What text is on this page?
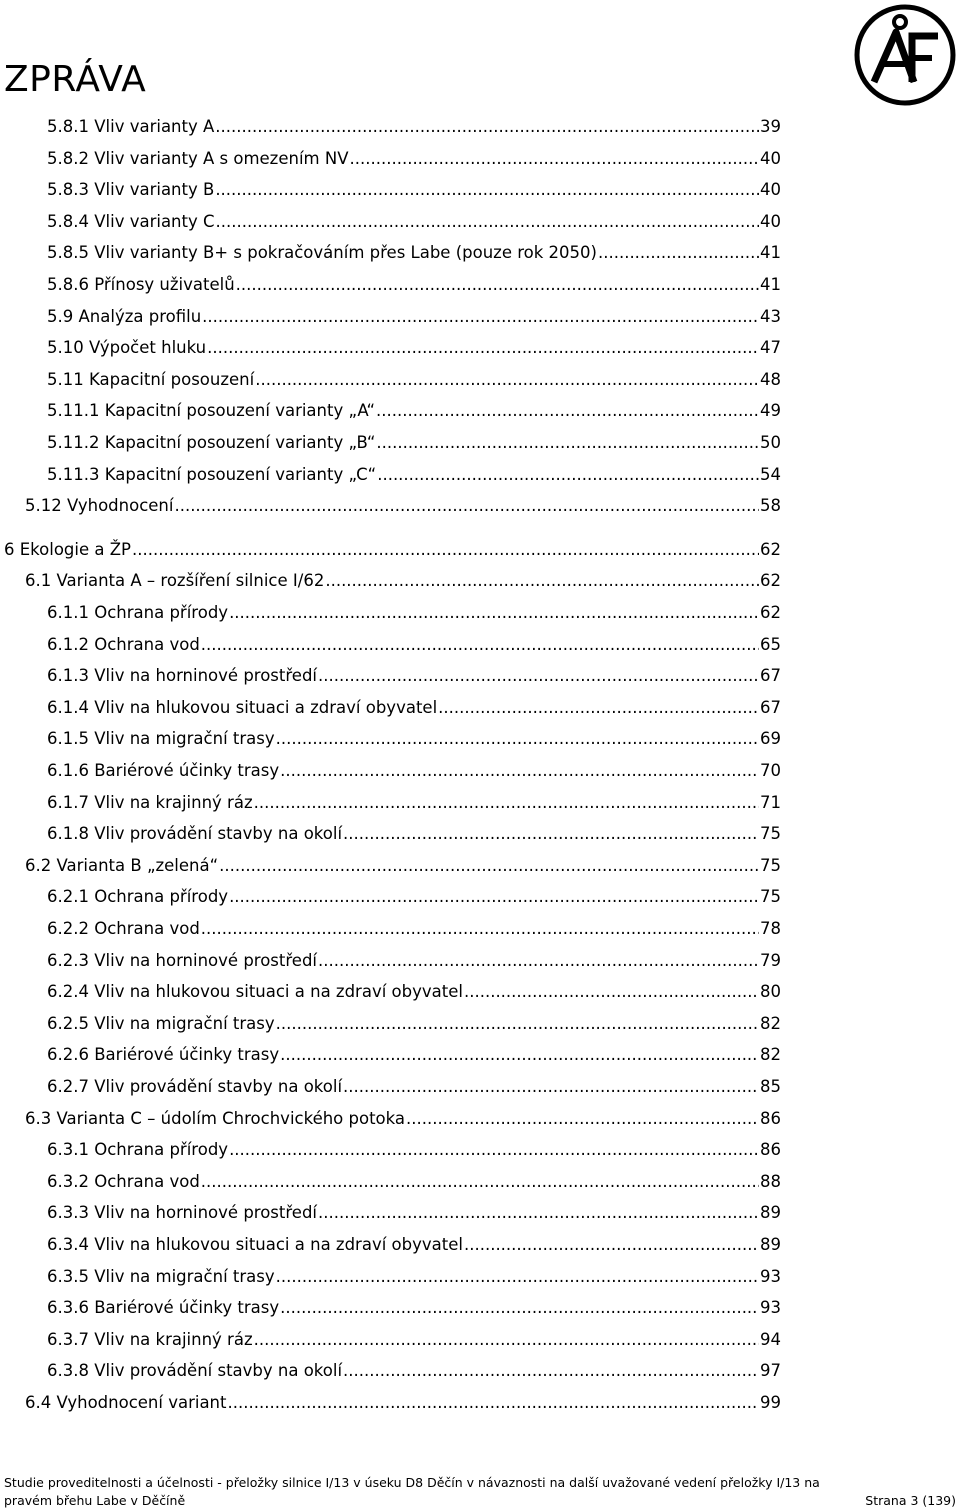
ZPRÁVA
5.8.1 Vliv varianty A .....	39
5.8.2 Vliv varianty A s omezením NV .....	40
5.8.3 Vliv varianty B .....	40
5.8.4 Vliv varianty C .....	40
5.8.5 Vliv varianty B+ s pokračováním přes Labe (pouze rok 2050) .....	41
5.8.6 Přínosy uživatelů .....	41
5.9 Analýza profilu .....	43
5.10 Výpočet hluku .....	47
5.11 Kapacitní posouzení .....	48
5.11.1 Kapacitní posouzení varianty „A“ .....	49
5.11.2 Kapacitní posouzení varianty „B“ .....	50
5.11.3 Kapacitní posouzení varianty „C“ .....	54
5.12 Vyhodnocení .....	58
6 Ekologie a ŽP .....	62
6.1 Varianta A – rozšíření silnice I/62 .....	62
6.1.1 Ochrana přírody .....	62
6.1.2 Ochrana vod .....	65
6.1.3 Vliv na horninové prostředí .....	67
6.1.4 Vliv na hlukovou situaci a zdraví obyvatel .....	67
6.1.5 Vliv na migrační trasy .....	69
6.1.6 Bariérové účinky trasy .....	70
6.1.7 Vliv na krajinný ráz .....	71
6.1.8 Vliv provádění stavby na okolí .....	75
6.2 Varianta B „zelená“ .....	75
6.2.1 Ochrana přírody .....	75
6.2.2 Ochrana vod .....	78
6.2.3 Vliv na horninové prostředí .....	79
6.2.4 Vliv na hlukovou situaci a na zdraví obyvatel .....	80
6.2.5 Vliv na migrační trasy .....	82
6.2.6 Bariérové účinky trasy .....	82
6.2.7 Vliv provádění stavby na okolí .....	85
6.3 Varianta C – údolím Chrochvického potoka .....	86
6.3.1 Ochrana přírody .....	86
6.3.2 Ochrana vod .....	88
6.3.3 Vliv na horninové prostředí .....	89
6.3.4 Vliv na hlukovou situaci a na zdraví obyvatel .....	89
6.3.5 Vliv na migrační trasy .....	93
6.3.6 Bariérové účinky trasy .....	93
6.3.7 Vliv na krajinný ráz .....	94
6.3.8 Vliv provádění stavby na okolí .....	97
6.4 Vyhodnocení variant .....	99
Studie proveditelnosti a účelnosti - přeložky silnice I/13 v úseku D8 Děčín v návaznosti na další uvažované vedení přeložky I/13 na
pravém břehu Labe v Děčíně	Strana 3 (139)
